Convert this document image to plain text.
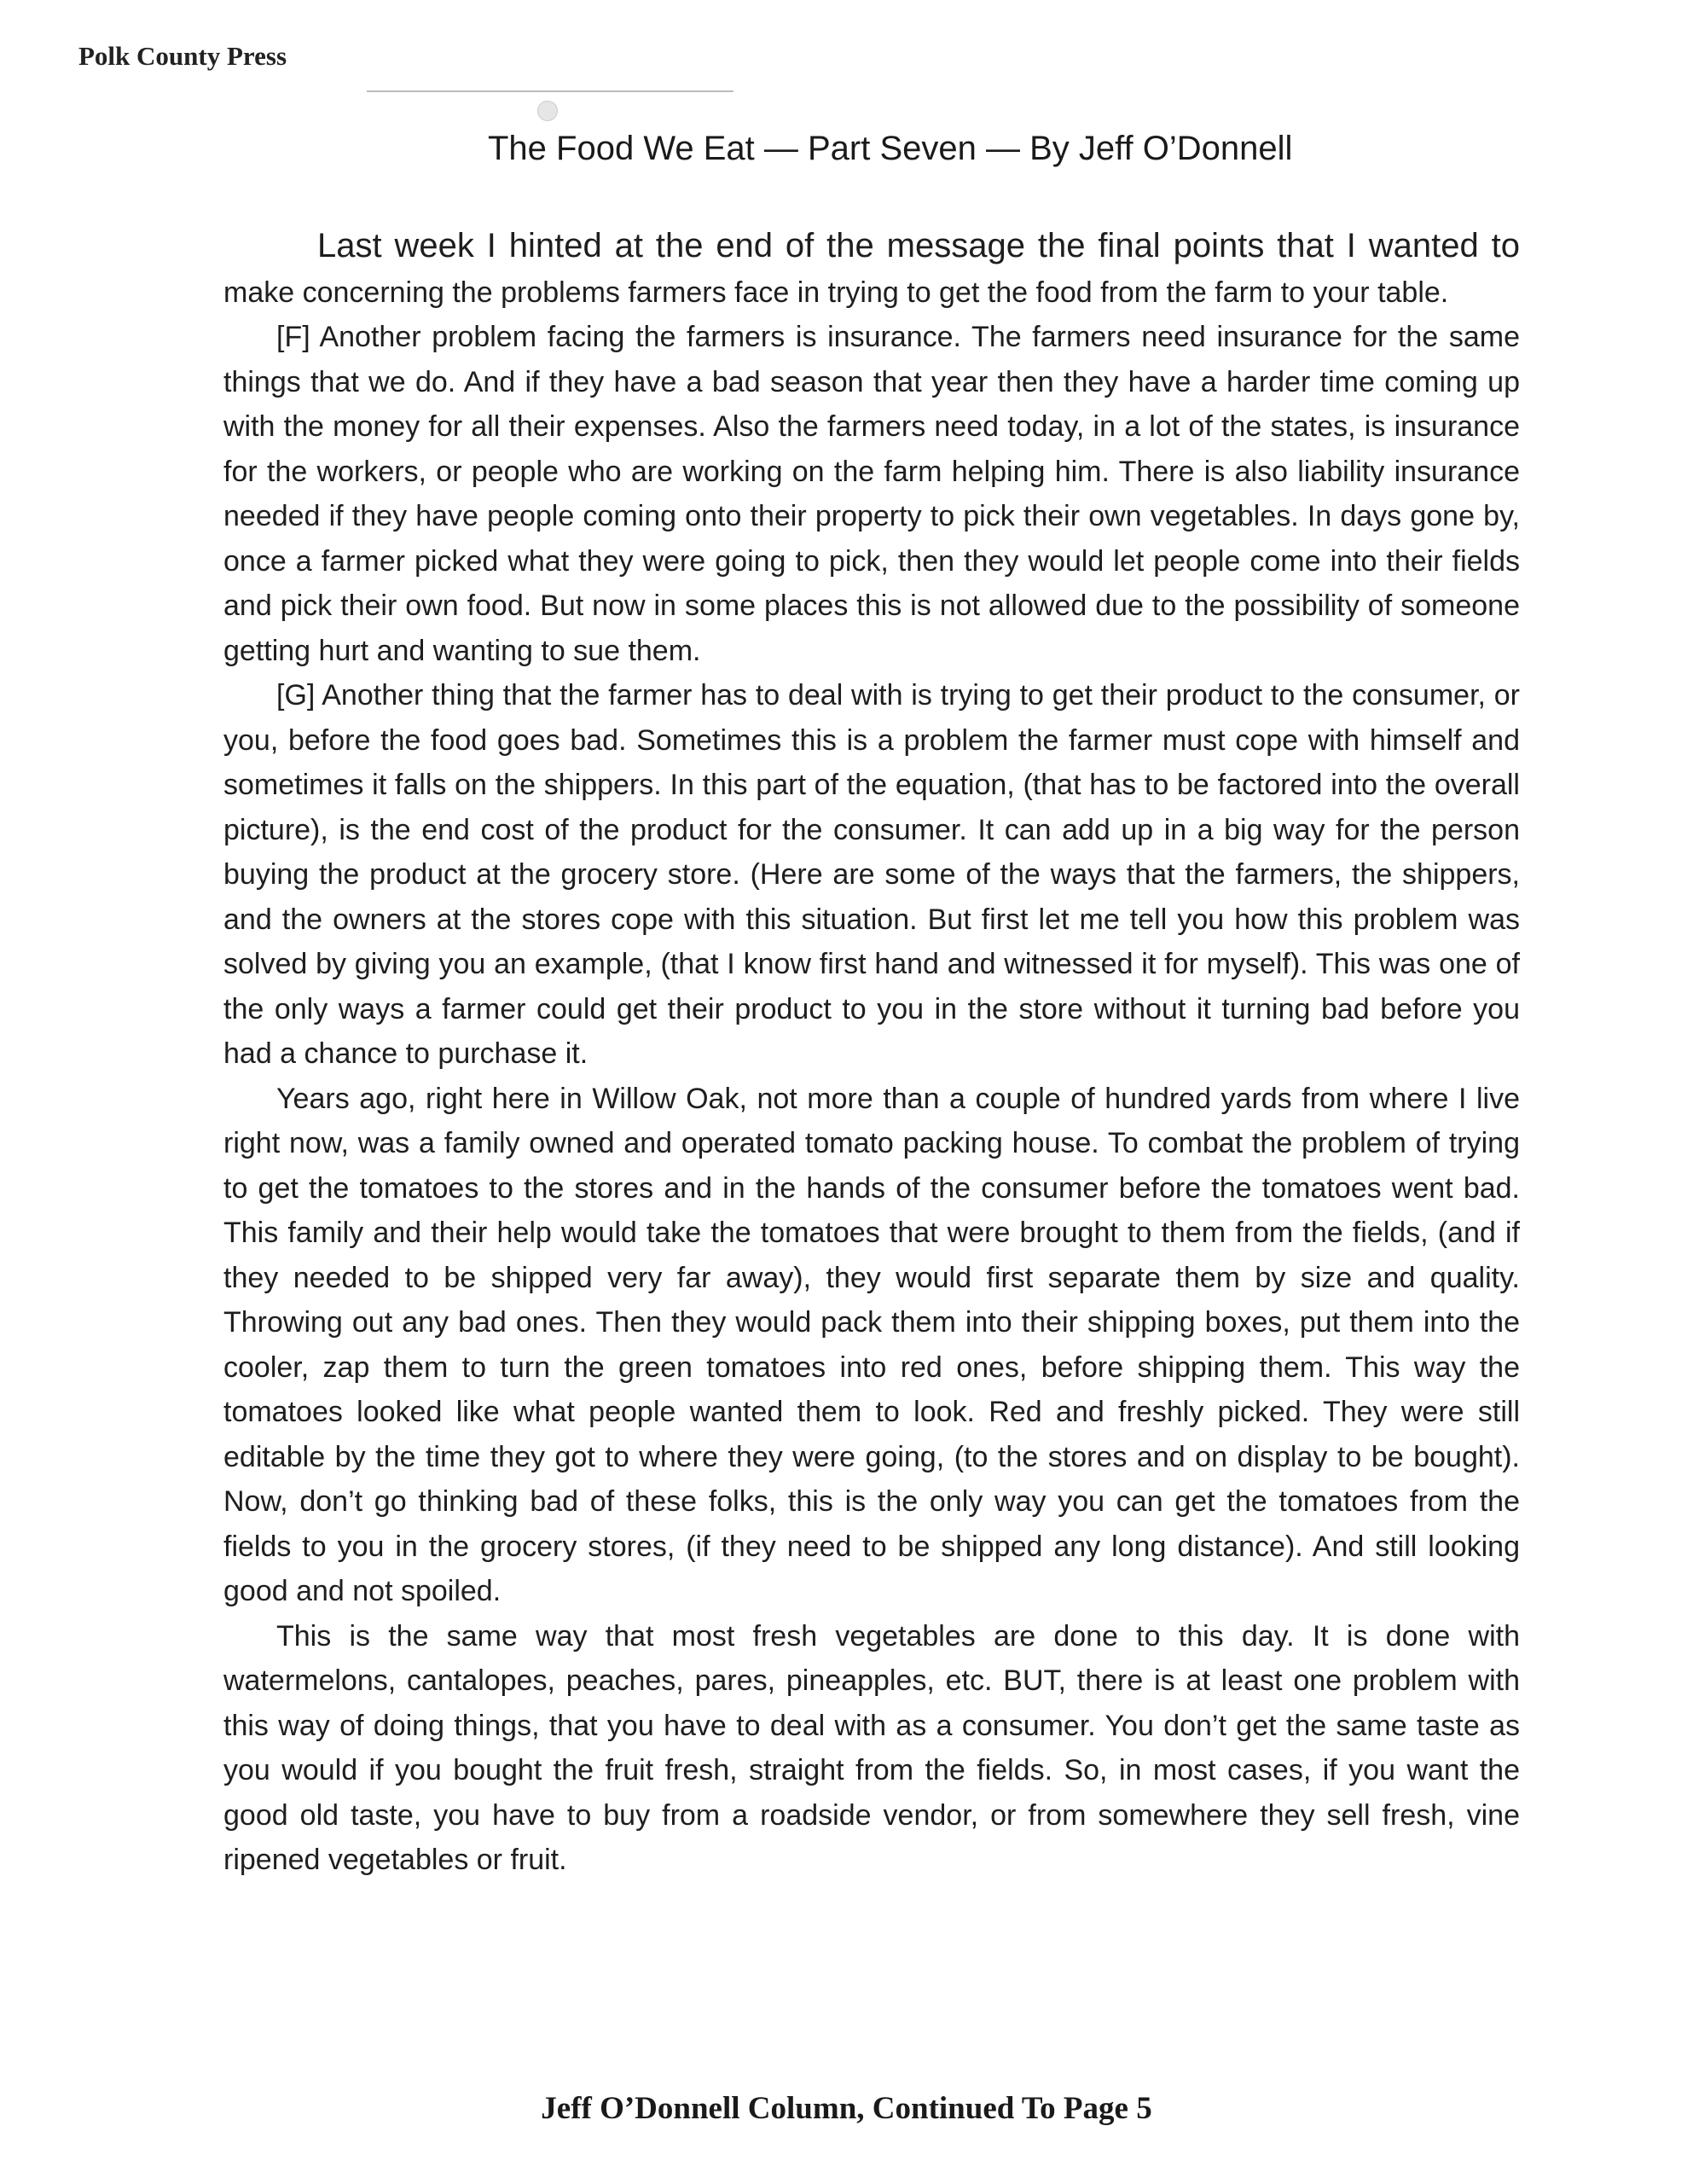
Polk County Press
The Food We Eat — Part Seven — By Jeff O’Donnell

Last week I hinted at the end of the message the final points that I wanted to make concerning the problems farmers face in trying to get the food from the farm to your table.

[F] Another problem facing the farmers is insurance. The farmers need insurance for the same things that we do. And if they have a bad season that year then they have a harder time coming up with the money for all their expenses. Also the farmers need today, in a lot of the states, is insurance for the workers, or people who are working on the farm helping him. There is also liability insurance needed if they have people coming onto their property to pick their own vegetables. In days gone by, once a farmer picked what they were going to pick, then they would let people come into their fields and pick their own food. But now in some places this is not allowed due to the possibility of someone getting hurt and wanting to sue them.

[G] Another thing that the farmer has to deal with is trying to get their product to the consumer, or you, before the food goes bad. Sometimes this is a problem the farmer must cope with himself and sometimes it falls on the shippers. In this part of the equation, (that has to be factored into the overall picture), is the end cost of the product for the consumer. It can add up in a big way for the person buying the product at the grocery store. (Here are some of the ways that the farmers, the shippers, and the owners at the stores cope with this situation. But first let me tell you how this problem was solved by giving you an example, (that I know first hand and witnessed it for myself). This was one of the only ways a farmer could get their product to you in the store without it turning bad before you had a chance to purchase it.

Years ago, right here in Willow Oak, not more than a couple of hundred yards from where I live right now, was a family owned and operated tomato packing house. To combat the problem of trying to get the tomatoes to the stores and in the hands of the consumer before the tomatoes went bad. This family and their help would take the tomatoes that were brought to them from the fields, (and if they needed to be shipped very far away), they would first separate them by size and quality. Throwing out any bad ones. Then they would pack them into their shipping boxes, put them into the cooler, zap them to turn the green tomatoes into red ones, before shipping them. This way the tomatoes looked like what people wanted them to look. Red and freshly picked. They were still editable by the time they got to where they were going, (to the stores and on display to be bought). Now, don’t go thinking bad of these folks, this is the only way you can get the tomatoes from the fields to you in the grocery stores, (if they need to be shipped any long distance). And still looking good and not spoiled.

This is the same way that most fresh vegetables are done to this day. It is done with watermelons, cantalopes, peaches, pares, pineapples, etc. BUT, there is at least one problem with this way of doing things, that you have to deal with as a consumer. You don’t get the same taste as you would if you bought the fruit fresh, straight from the fields. So, in most cases, if you want the good old taste, you have to buy from a roadside vendor, or from somewhere they sell fresh, vine ripened vegetables or fruit.

Jeff O’Donnell Column, Continued To Page 5
